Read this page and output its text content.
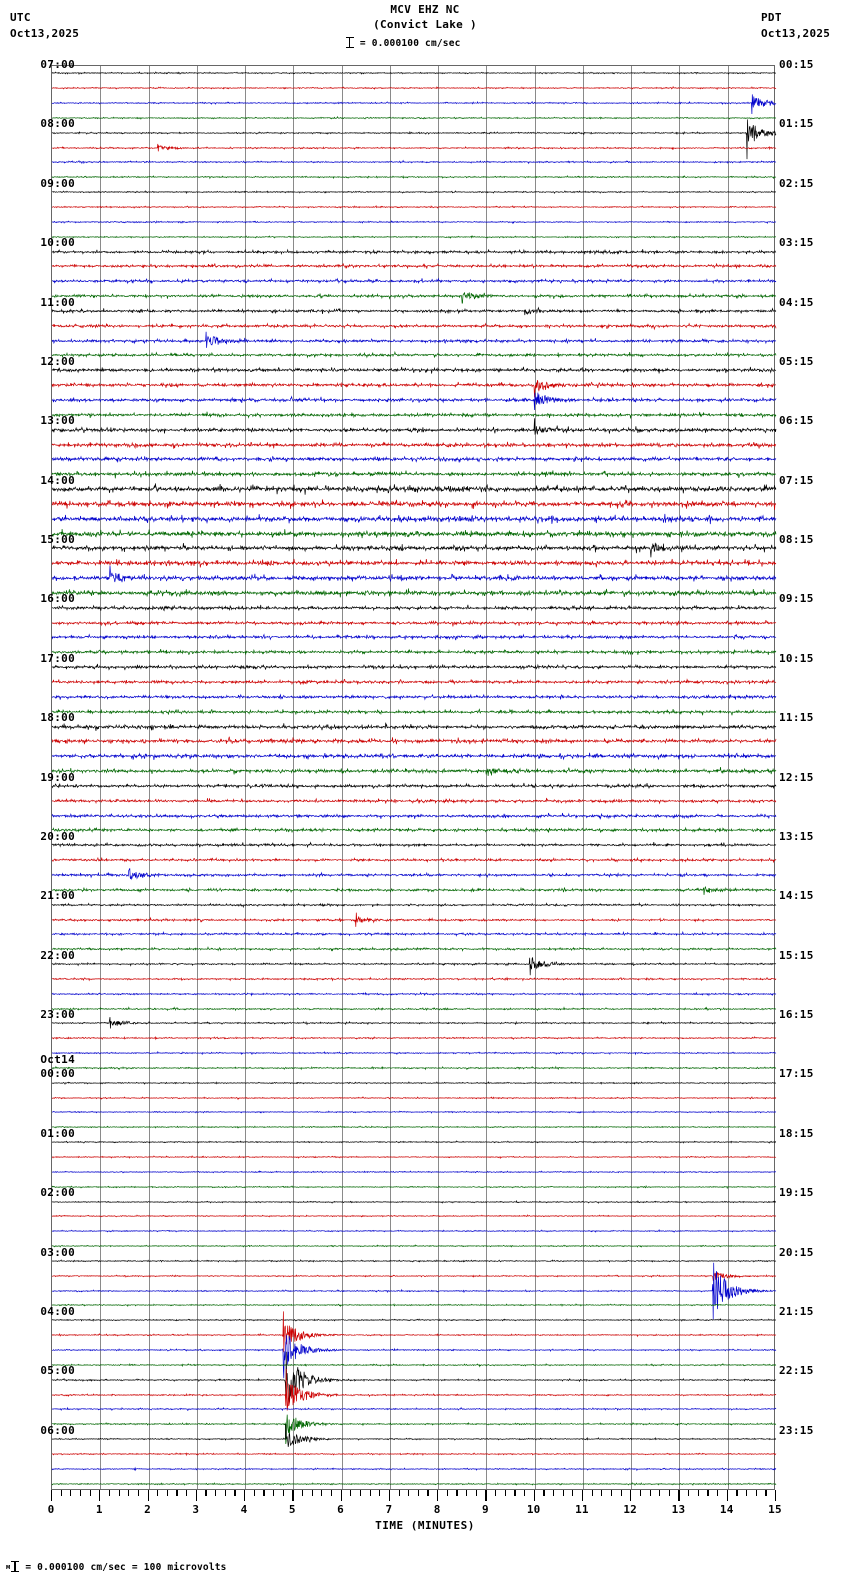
UTC
Oct13,2025
MCV EHZ NC
(Convict Lake )
= 0.000100 cm/sec
PDT
Oct13,2025
07:00	00:15
08:00	01:15
09:00	02:15
10:00	03:15
11:00	04:15
12:00	05:15
13:00	06:15
14:00	07:15
15:00	08:15
16:00	09:15
17:00	10:15
18:00	11:15
19:00	12:15
20:00	13:15
21:00	14:15
22:00	15:15
23:00	16:15
Oct14
00:00	17:15
01:00	18:15
02:00	19:15
03:00	20:15
04:00	21:15
05:00	22:15
06:00	23:15
0	1	2	3	4	5	6	7	8	9	10	11	12	13	14	15
TIME (MINUTES)
м = 0.000100 cm/sec = 100 microvolts
